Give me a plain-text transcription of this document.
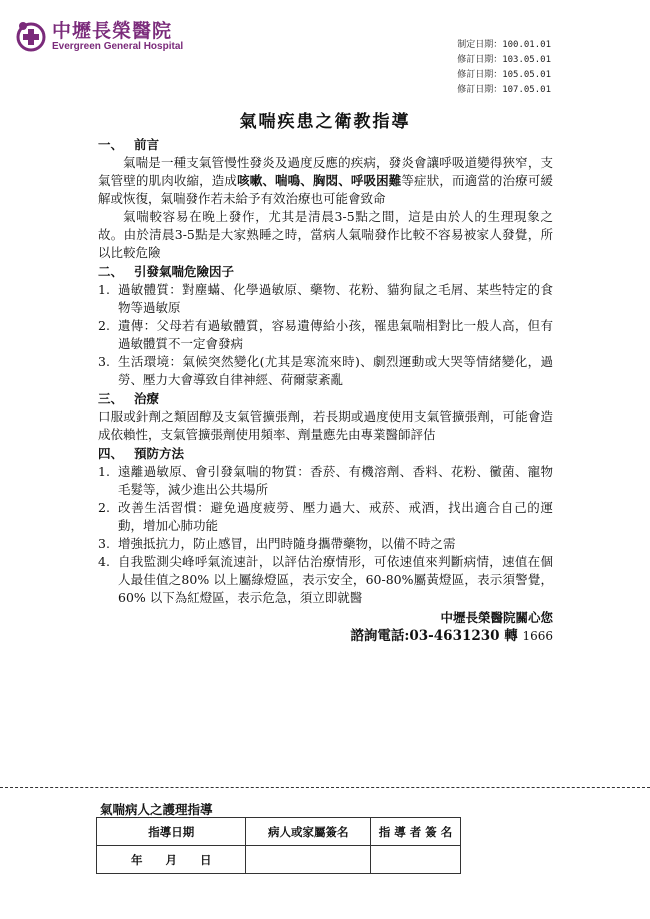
中壢長榮醫院
Evergreen General Hospital	制定日期：100.01.01
修訂日期：103.05.01
修訂日期：105.05.01
修訂日期：107.05.01
氣喘疾患之衛教指導
一、 前言
氣喘是一種支氣管慢性發炎及過度反應的疾病，發炎會讓呼吸道變得狹窄，支氣管壁的肌肉收縮，造成咳嗽、喘鳴、胸悶、呼吸困難等症狀，而適當的治療可緩解或恢復，氣喘發作若未給予有效治療也可能會致命
氣喘較容易在晚上發作，尤其是清晨3-5點之間，這是由於人的生理現象之故。由於清晨3-5點是大家熟睡之時，當病人氣喘發作比較不容易被家人發覺，所以比較危險
二、 引發氣喘危險因子
1. 過敏體質：對塵蟎、化學過敏原、藥物、花粉、貓狗鼠之毛屑、某些特定的食物等過敏原
2. 遺傳：父母若有過敏體質，容易遺傳給小孩，罹患氣喘相對比一般人高，但有過敏體質不一定會發病
3. 生活環境：氣候突然變化(尤其是寒流來時)、劇烈運動或大哭等情緒變化，過勞、壓力大會導致自律神經、荷爾蒙紊亂
三、 治療
口服或針劑之類固醇及支氣管擴張劑，若長期或過度使用支氣管擴張劑，可能會造成依賴性，支氣管擴張劑使用頻率、劑量應先由專業醫師評估
四、 預防方法
1. 遠離過敏原、會引發氣喘的物質：香菸、有機溶劑、香料、花粉、黴菌、寵物毛髮等，減少進出公共場所
2. 改善生活習慣：避免過度疲勞、壓力過大、戒菸、戒酒，找出適合自己的運動，增加心肺功能
3. 增強抵抗力，防止感冒，出門時隨身攜帶藥物，以備不時之需
4. 自我監測尖峰呼氣流速計，以評估治療情形，可依速值來判斷病情，速值在個人最佳值之80% 以上屬綠燈區，表示安全，60-80%屬黃燈區，表示須警覺，60% 以下為紅燈區，表示危急，須立即就醫
中壢長榮醫院關心您
諮詢電話:03-4631230 轉 1666
氣喘病人之護理指導
指導日期	病人或家屬簽名	指 導 者 簽 名
年　　月　　日		
